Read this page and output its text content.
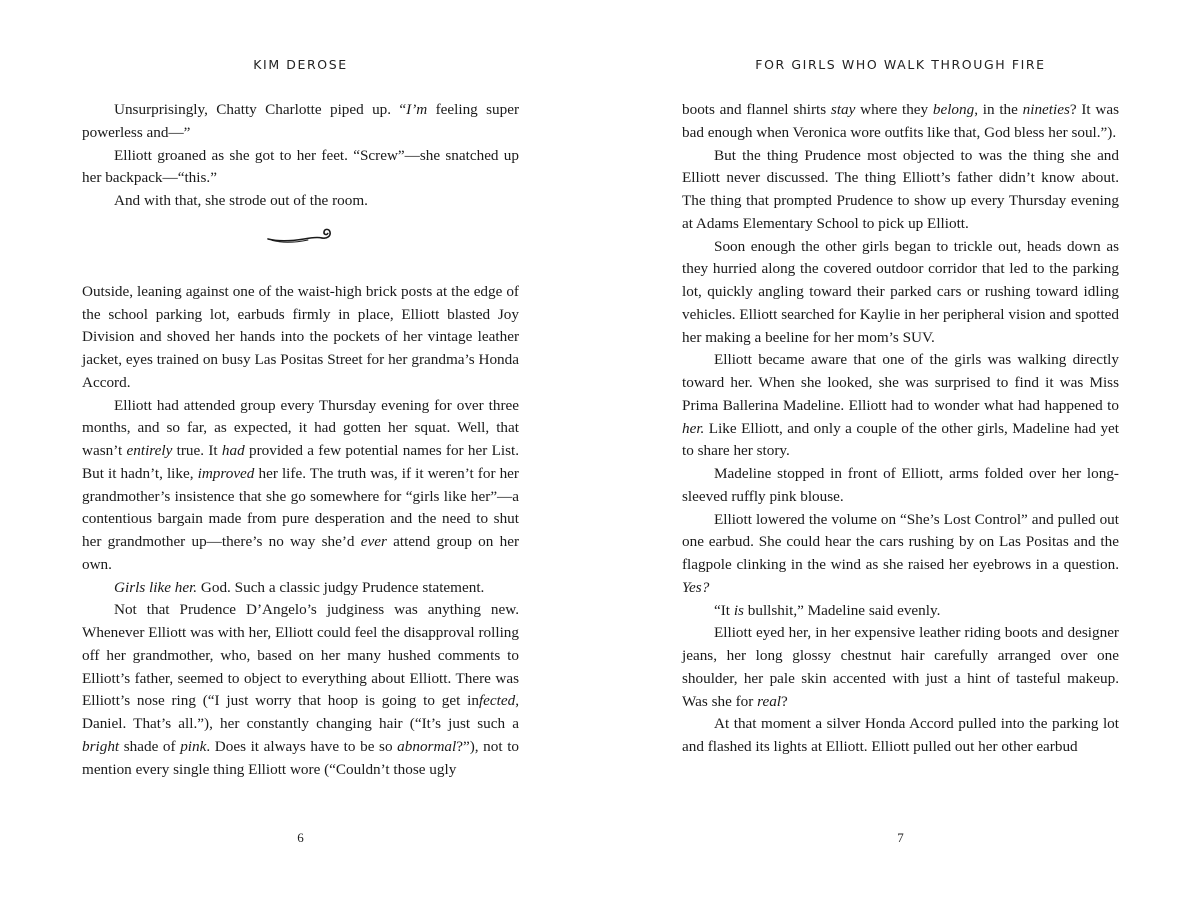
KIM DEROSE

Unsurprisingly, Chatty Charlotte piped up. “I’m feeling super powerless and—”

Elliott groaned as she got to her feet. “Screw”—she snatched up her backpack—“this.”

And with that, she strode out of the room.

Outside, leaning against one of the waist-high brick posts at the edge of the school parking lot, earbuds firmly in place, Elliott blasted Joy Division and shoved her hands into the pockets of her vintage leather jacket, eyes trained on busy Las Positas Street for her grandma’s Honda Accord.

Elliott had attended group every Thursday evening for over three months, and so far, as expected, it had gotten her squat. Well, that wasn’t entirely true. It had provided a few potential names for her List. But it hadn’t, like, improved her life. The truth was, if it weren’t for her grandmother’s insistence that she go somewhere for “girls like her”—a contentious bargain made from pure desperation and the need to shut her grandmother up—there’s no way she’d ever attend group on her own.

Girls like her. God. Such a classic judgy Prudence statement.

Not that Prudence D’Angelo’s judginess was anything new. Whenever Elliott was with her, Elliott could feel the disapproval rolling off her grandmother, who, based on her many hushed comments to Elliott’s father, seemed to object to everything about Elliott. There was Elliott’s nose ring (“I just worry that hoop is going to get infected, Daniel. That’s all.”), her constantly changing hair (“It’s just such a bright shade of pink. Does it always have to be so abnormal?”), not to mention every single thing Elliott wore (“Couldn’t those ugly

6
FOR GIRLS WHO WALK THROUGH FIRE

boots and flannel shirts stay where they belong, in the nineties? It was bad enough when Veronica wore outfits like that, God bless her soul.”).

But the thing Prudence most objected to was the thing she and Elliott never discussed. The thing Elliott’s father didn’t know about. The thing that prompted Prudence to show up every Thursday evening at Adams Elementary School to pick up Elliott.

Soon enough the other girls began to trickle out, heads down as they hurried along the covered outdoor corridor that led to the parking lot, quickly angling toward their parked cars or rushing toward idling vehicles. Elliott searched for Kaylie in her peripheral vision and spotted her making a beeline for her mom’s SUV.

Elliott became aware that one of the girls was walking directly toward her. When she looked, she was surprised to find it was Miss Prima Ballerina Madeline. Elliott had to wonder what had happened to her. Like Elliott, and only a couple of the other girls, Madeline had yet to share her story.

Madeline stopped in front of Elliott, arms folded over her long-sleeved ruffly pink blouse.

Elliott lowered the volume on “She’s Lost Control” and pulled out one earbud. She could hear the cars rushing by on Las Positas and the flagpole clinking in the wind as she raised her eyebrows in a question. Yes?

“It is bullshit,” Madeline said evenly.

Elliott eyed her, in her expensive leather riding boots and designer jeans, her long glossy chestnut hair carefully arranged over one shoulder, her pale skin accented with just a hint of tasteful makeup. Was she for real?

At that moment a silver Honda Accord pulled into the parking lot and flashed its lights at Elliott. Elliott pulled out her other earbud

7
